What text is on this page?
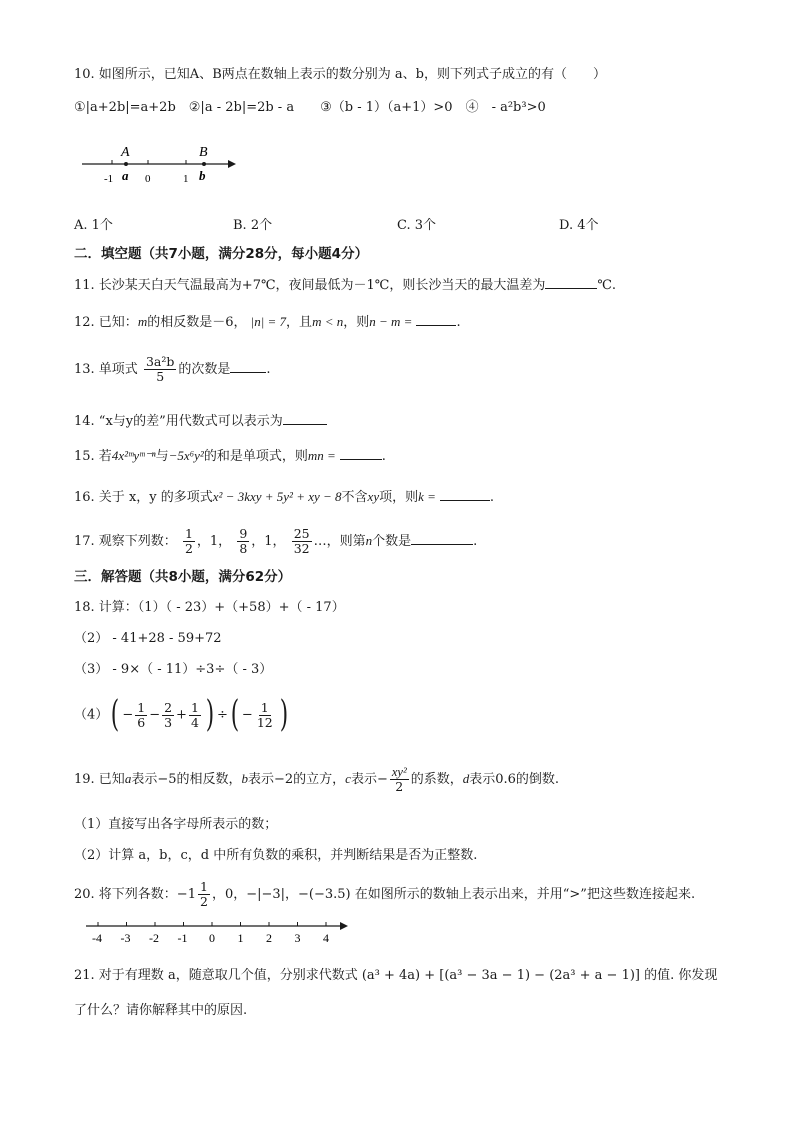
10. 如图所示，已知A、B两点在数轴上表示的数分别为 a、b，则下列式子成立的有（　　）
①|a+2b|=a+2b　②|a - 2b|=2b - a　　③（b - 1）（a+1）>0　④　- a²b³>0
A	B
-1 a 0	1 b
A. 1个	B. 2个	C. 3个	D. 4个
二．填空题（共7小题，满分28分，每小题4分）
11. 长沙某天白天气温最高为+7℃，夜间最低为－1℃，则长沙当天的最大温差为	℃.
12. 已知：m的相反数是－6， |n| = 7，且m < n，则n − m =	.
13. 单项式 $\frac{\text{3a²b}}{5}$ 的次数是	.
14. “x与y的差”用代数式可以表示为
15. 若4x²ᵐyᵐ⁻ⁿ与−5x⁶y²的和是单项式，则mn =	.
16. 关于 x，y 的多项式x² − 3kxy + 5y² + xy − 8不含xy项，则k =	.
17. 观察下列数： $\frac{1}{2}$ ，1， $\frac{9}{8}$ ，1， $\frac{25}{32}$ …，则第n个数是	.
三．解答题（共8小题，满分62分）
18. 计算：（1）（ - 23）+（+58）+（ - 17）
（2） - 41+28 - 59+72
（3） - 9×（ - 11）÷3÷（ - 3）
$(4)( - \frac{1}{6} - \frac{2}{3} + \frac{1}{4}$ ) ÷( − $\frac{1}{12}$ )
19. 已知a表示−5的相反数，b表示−2的立方，c表示− $\frac{\text{xy²}}{2}$ 的系数，d表示0.6的倒数.
（1）直接写出各字母所表示的数；
（2）计算 a，b，c，d 中所有负数的乘积，并判断结果是否为正整数.
20. 将下列各数：$-1 \frac{1}{2}$ ，0，−|−3|，−(−3.5) 在如图所示的数轴上表示出来，并用“>”把这些数连接起来.
-4 -3 -2 -1 0 1 2 3 4
21. 对于有理数 a，随意取几个值，分别求代数式 (a³ + 4a) + [(a³ − 3a − 1) − (2a³ + a − 1)] 的值. 你发现
了什么？请你解释其中的原因.
